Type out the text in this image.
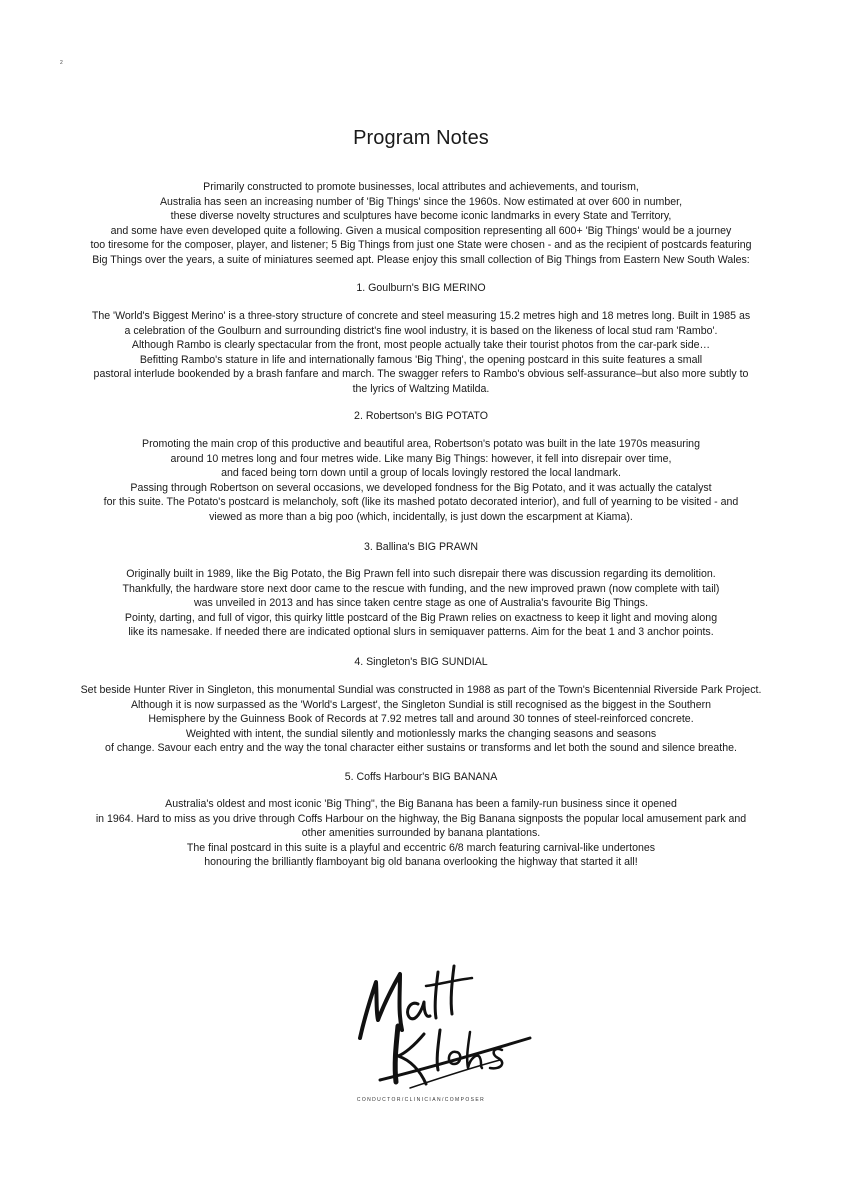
2
Program Notes

Primarily constructed to promote businesses, local attributes and achievements, and tourism,
Australia has seen an increasing number of 'Big Things' since the 1960s. Now estimated at over 600 in number,
these diverse novelty structures and sculptures have become iconic landmarks in every State and Territory,
and some have even developed quite a following. Given a musical composition representing all 600+ 'Big Things' would be a journey
too tiresome for the composer, player, and listener; 5 Big Things from just one State were chosen - and as the recipient of postcards featuring
Big Things over the years, a suite of miniatures seemed apt. Please enjoy this small collection of Big Things from Eastern New South Wales:

1. Goulburn's BIG MERINO

The 'World's Biggest Merino' is a three-story structure of concrete and steel measuring 15.2 metres high and 18 metres long. Built in 1985 as
a celebration of the Goulburn and surrounding district's fine wool industry, it is based on the likeness of local stud ram 'Rambo'.
Although Rambo is clearly spectacular from the front, most people actually take their tourist photos from the car-park side…
Befitting Rambo's stature in life and internationally famous 'Big Thing', the opening postcard in this suite features a small
pastoral interlude bookended by a brash fanfare and march. The swagger refers to Rambo's obvious self-assurance–but also more subtly to
the lyrics of Waltzing Matilda.

2. Robertson's BIG POTATO

Promoting the main crop of this productive and beautiful area, Robertson's potato was built in the late 1970s measuring
around 10 metres long and four metres wide. Like many Big Things: however, it fell into disrepair over time,
and faced being torn down until a group of locals lovingly restored the local landmark.
Passing through Robertson on several occasions, we developed fondness for the Big Potato, and it was actually the catalyst
for this suite. The Potato's postcard is melancholy, soft (like its mashed potato decorated interior), and full of yearning to be visited - and
viewed as more than a big poo (which, incidentally, is just down the escarpment at Kiama).

3. Ballina's BIG PRAWN

Originally built in 1989, like the Big Potato, the Big Prawn fell into such disrepair there was discussion regarding its demolition.
Thankfully, the hardware store next door came to the rescue with funding, and the new improved prawn (now complete with tail)
was unveiled in 2013 and has since taken centre stage as one of Australia's favourite Big Things.
Pointy, darting, and full of vigor, this quirky little postcard of the Big Prawn relies on exactness to keep it light and moving along
like its namesake. If needed there are indicated optional slurs in semiquaver patterns. Aim for the beat 1 and 3 anchor points.

4. Singleton's BIG SUNDIAL

Set beside Hunter River in Singleton, this monumental Sundial was constructed in 1988 as part of the Town's Bicentennial Riverside Park Project.
Although it is now surpassed as the 'World's Largest', the Singleton Sundial is still recognised as the biggest in the Southern
Hemisphere by the Guinness Book of Records at 7.92 metres tall and around 30 tonnes of steel-reinforced concrete.
Weighted with intent, the sundial silently and motionlessly marks the changing seasons and seasons
of change. Savour each entry and the way the tonal character either sustains or transforms and let both the sound and silence breathe.

5. Coffs Harbour's BIG BANANA

Australia's oldest and most iconic 'Big Thing", the Big Banana has been a family-run business since it opened
in 1964. Hard to miss as you drive through Coffs Harbour on the highway, the Big Banana signposts the popular local amusement park and
other amenities surrounded by banana plantations.
The final postcard in this suite is a playful and eccentric 6/8 march featuring carnival-like undertones
honouring the brilliantly flamboyant big old banana overlooking the highway that started it all!

CONDUCTOR/CLINICIAN/COMPOSER
